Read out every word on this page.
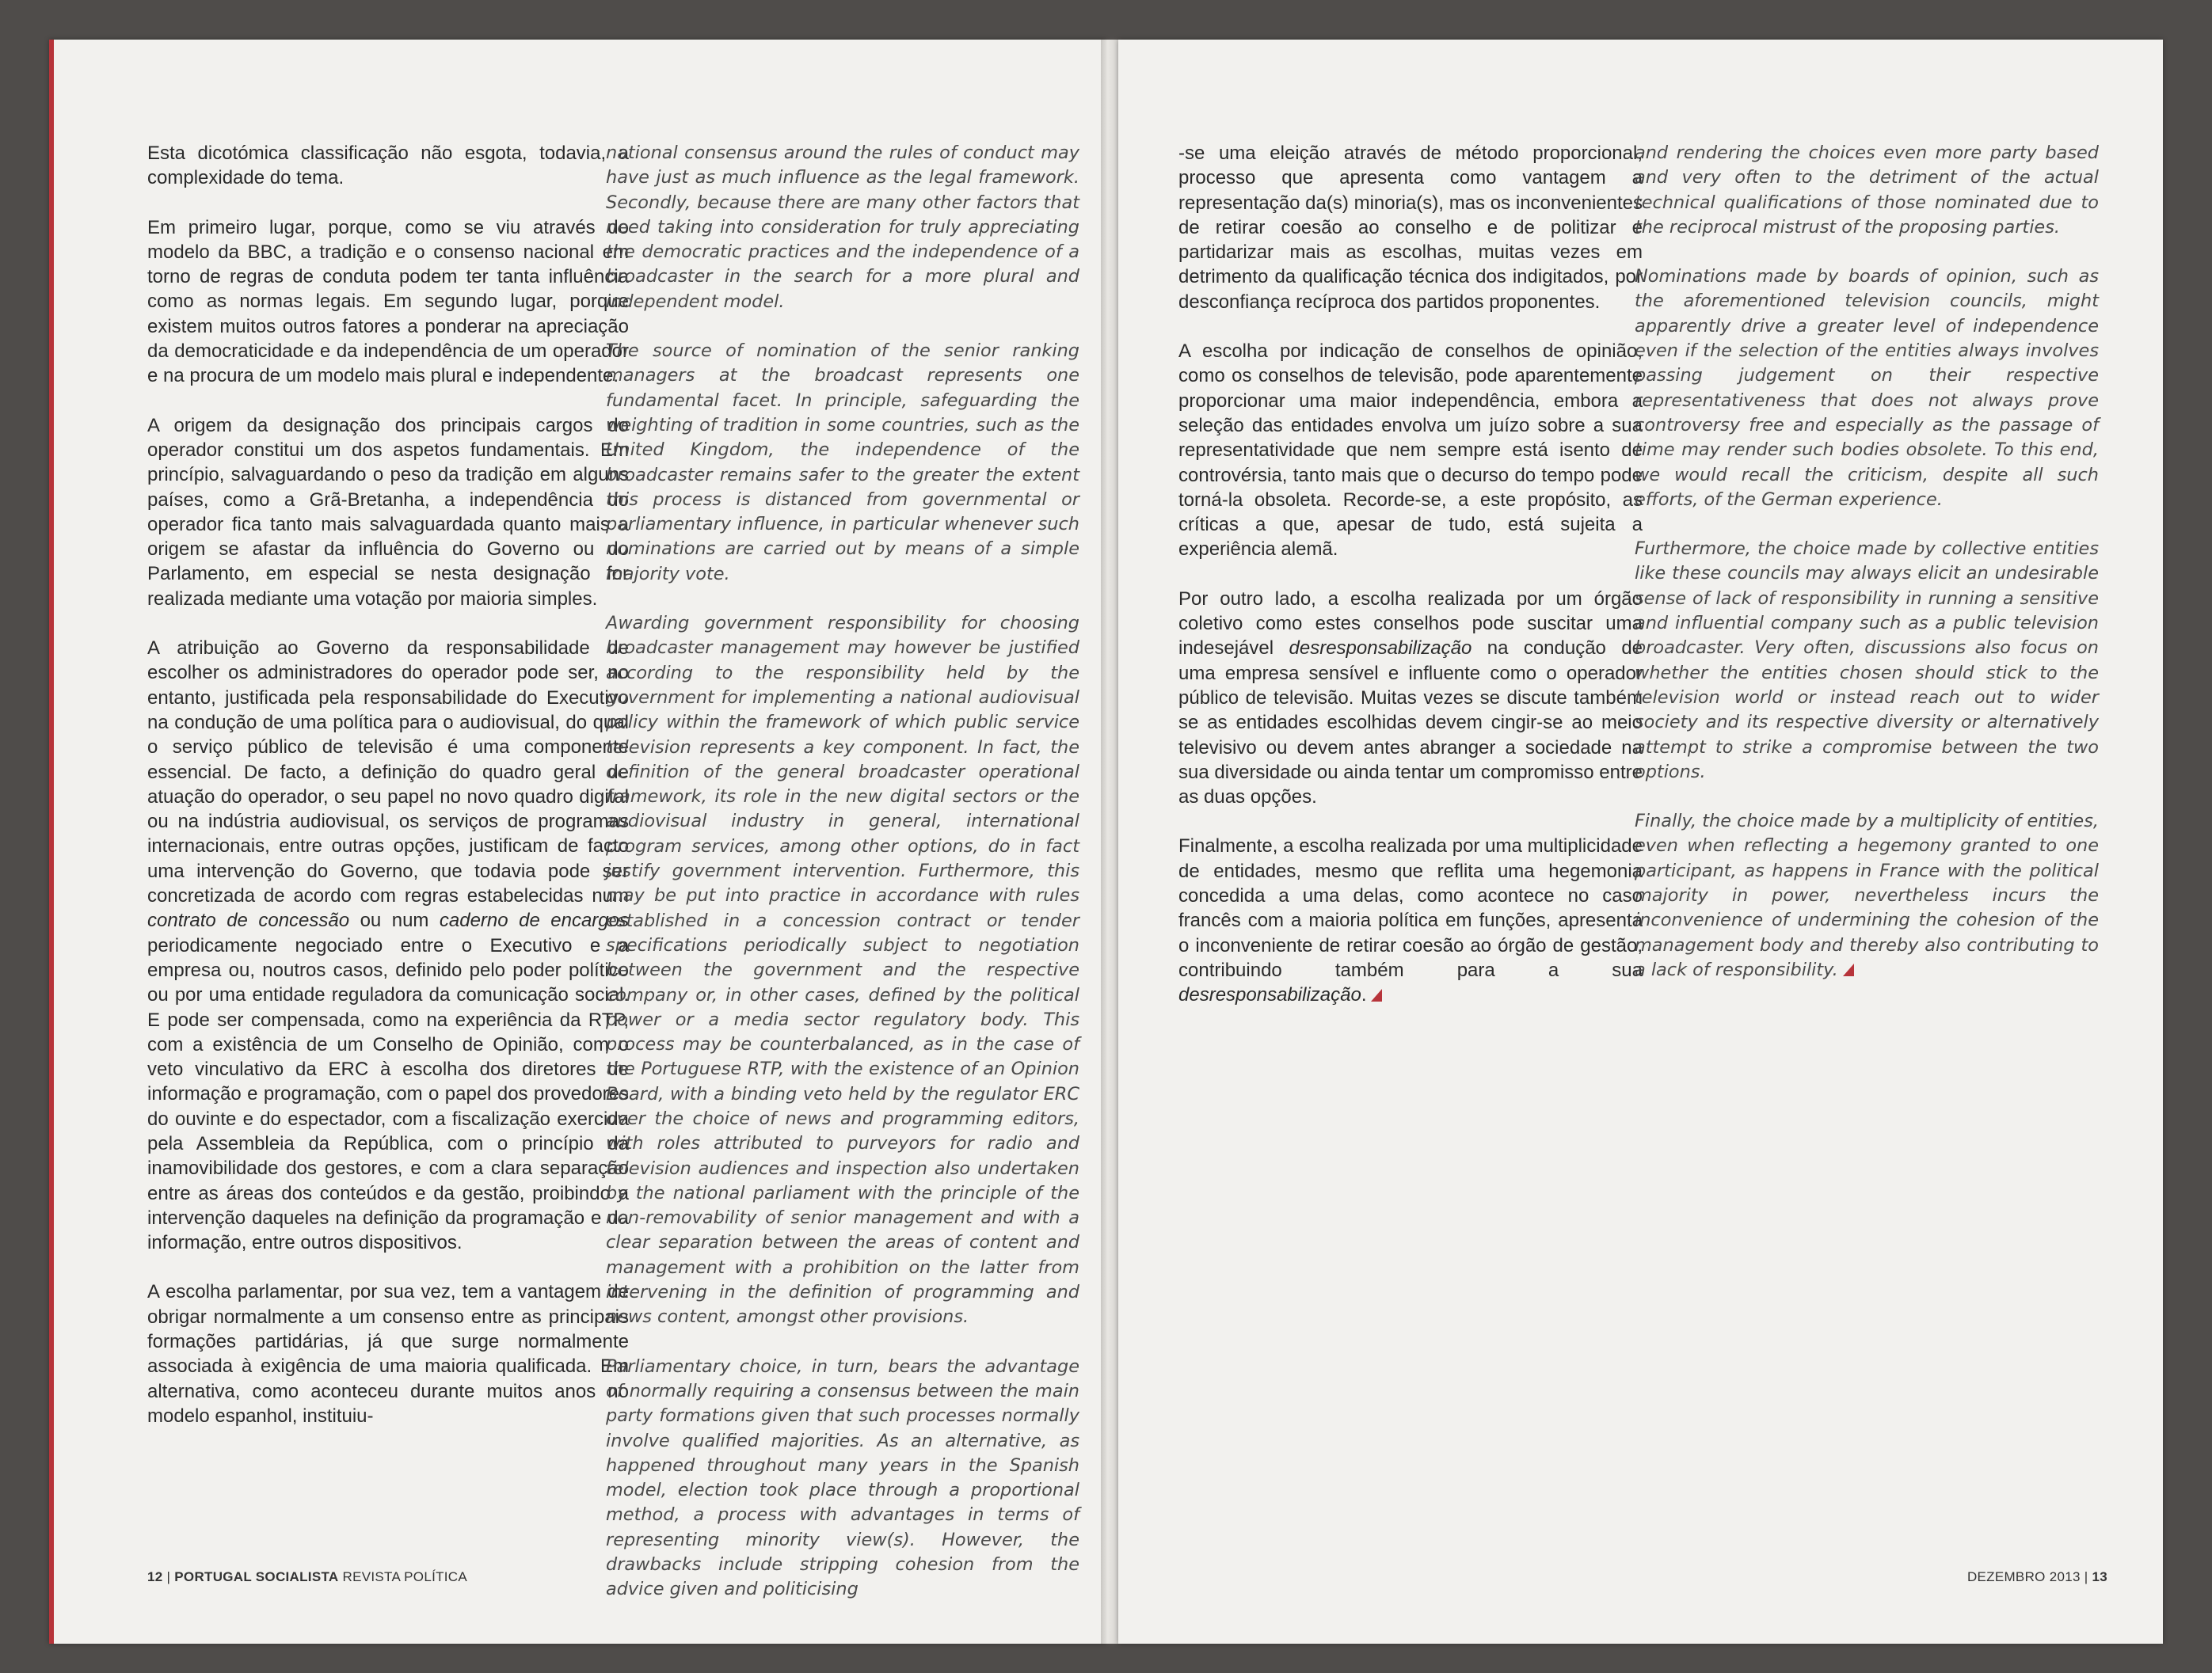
Esta dicotómica classificação não esgota, todavia, a complexidade do tema.

Em primeiro lugar, porque, como se viu através do modelo da BBC, a tradição e o consenso nacional em torno de regras de conduta podem ter tanta influência como as normas legais. Em segundo lugar, porque existem muitos outros fatores a ponderar na apreciação da democraticidade e da independência de um operador e na procura de um modelo mais plural e independente.

A origem da designação dos principais cargos do operador constitui um dos aspetos fundamentais. Em princípio, salvaguardando o peso da tradição em alguns países, como a Grã-Bretanha, a independência do operador fica tanto mais salvaguardada quanto mais a origem se afastar da influência do Governo ou do Parlamento, em especial se nesta designação for realizada mediante uma votação por maioria simples.

A atribuição ao Governo da responsabilidade de escolher os administradores do operador pode ser, no entanto, justificada pela responsabilidade do Executivo na condução de uma política para o audiovisual, do qual o serviço público de televisão é uma componente essencial. De facto, a definição do quadro geral de atuação do operador, o seu papel no novo quadro digital ou na indústria audiovisual, os serviços de programas internacionais, entre outras opções, justificam de facto uma intervenção do Governo, que todavia pode ser concretizada de acordo com regras estabelecidas num contrato de concessão ou num caderno de encargos periodicamente negociado entre o Executivo e a empresa ou, noutros casos, definido pelo poder político ou por uma entidade reguladora da comunicação social. E pode ser compensada, como na experiência da RTP, com a existência de um Conselho de Opinião, com o veto vinculativo da ERC à escolha dos diretores de informação e programação, com o papel dos provedores do ouvinte e do espectador, com a fiscalização exercida pela Assembleia da República, com o princípio da inamovibilidade dos gestores, e com a clara separação entre as áreas dos conteúdos e da gestão, proibindo a intervenção daqueles na definição da programação e da informação, entre outros dispositivos.

A escolha parlamentar, por sua vez, tem a vantagem de obrigar normalmente a um consenso entre as principais formações partidárias, já que surge normalmente associada à exigência de uma maioria qualificada. Em alternativa, como aconteceu durante muitos anos no modelo espanhol, instituiu-

national consensus around the rules of conduct may have just as much influence as the legal framework. Secondly, because there are many other factors that need taking into consideration for truly appreciating the democratic practices and the independence of a broadcaster in the search for a more plural and independent model.

The source of nomination of the senior ranking managers at the broadcast represents one fundamental facet. In principle, safeguarding the weighting of tradition in some countries, such as the United Kingdom, the independence of the broadcaster remains safer to the greater the extent this process is distanced from governmental or parliamentary influence, in particular whenever such nominations are carried out by means of a simple majority vote.

Awarding government responsibility for choosing broadcaster management may however be justified according to the responsibility held by the government for implementing a national audiovisual policy within the framework of which public service television represents a key component. In fact, the definition of the general broadcaster operational framework, its role in the new digital sectors or the audiovisual industry in general, international program services, among other options, do in fact justify government intervention. Furthermore, this may be put into practice in accordance with rules established in a concession contract or tender specifications periodically subject to negotiation between the government and the respective company or, in other cases, defined by the political power or a media sector regulatory body. This process may be counterbalanced, as in the case of the Portuguese RTP, with the existence of an Opinion Board, with a binding veto held by the regulator ERC over the choice of news and programming editors, with roles attributed to purveyors for radio and television audiences and inspection also undertaken by the national parliament with the principle of the non-removability of senior management and with a clear separation between the areas of content and management with a prohibition on the latter from intervening in the definition of programming and news content, amongst other provisions.

Parliamentary choice, in turn, bears the advantage of normally requiring a consensus between the main party formations given that such processes normally involve qualified majorities. As an alternative, as happened throughout many years in the Spanish model, election took place through a proportional method, a process with advantages in terms of representing minority view(s). However, the drawbacks include stripping cohesion from the advice given and politicising

12 | PORTUGAL SOCIALISTA REVISTA POLÍTICA

-se uma eleição através de método proporcional, processo que apresenta como vantagem a representação da(s) minoria(s), mas os inconvenientes de retirar coesão ao conselho e de politizar e partidarizar mais as escolhas, muitas vezes em detrimento da qualificação técnica dos indigitados, por desconfiança recíproca dos partidos proponentes.

A escolha por indicação de conselhos de opinião, como os conselhos de televisão, pode aparentemente proporcionar uma maior independência, embora a seleção das entidades envolva um juízo sobre a sua representatividade que nem sempre está isento de controvérsia, tanto mais que o decurso do tempo pode torná-la obsoleta. Recorde-se, a este propósito, as críticas a que, apesar de tudo, está sujeita a experiência alemã.

Por outro lado, a escolha realizada por um órgão coletivo como estes conselhos pode suscitar uma indesejável desresponsabilização na condução de uma empresa sensível e influente como o operador público de televisão. Muitas vezes se discute também se as entidades escolhidas devem cingir-se ao meio televisivo ou devem antes abranger a sociedade na sua diversidade ou ainda tentar um compromisso entre as duas opções.

Finalmente, a escolha realizada por uma multiplicidade de entidades, mesmo que reflita uma hegemonia concedida a uma delas, como acontece no caso francês com a maioria política em funções, apresenta o inconveniente de retirar coesão ao órgão de gestão, contribuindo também para a sua desresponsabilização.

and rendering the choices even more party based and very often to the detriment of the actual technical qualifications of those nominated due to the reciprocal mistrust of the proposing parties.

Nominations made by boards of opinion, such as the aforementioned television councils, might apparently drive a greater level of independence even if the selection of the entities always involves passing judgement on their respective representativeness that does not always prove controversy free and especially as the passage of time may render such bodies obsolete. To this end, we would recall the criticism, despite all such efforts, of the German experience.

Furthermore, the choice made by collective entities like these councils may always elicit an undesirable sense of lack of responsibility in running a sensitive and influential company such as a public television broadcaster. Very often, discussions also focus on whether the entities chosen should stick to the television world or instead reach out to wider society and its respective diversity or alternatively attempt to strike a compromise between the two options.

Finally, the choice made by a multiplicity of entities, even when reflecting a hegemony granted to one participant, as happens in France with the political majority in power, nevertheless incurs the inconvenience of undermining the cohesion of the management body and thereby also contributing to a lack of responsibility.

DEZEMBRO 2013 | 13
